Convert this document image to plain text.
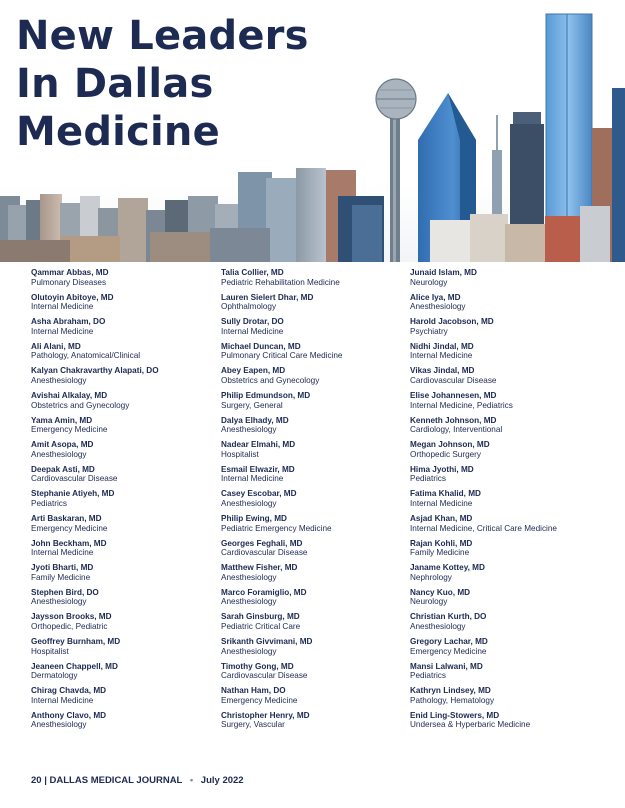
New Leaders
In Dallas
Medicine
Qammar Abbas, MD
Pulmonary Diseases
Olutoyin Abitoye, MD
Internal Medicine
Asha Abraham, DO
Internal Medicine
Ali Alani, MD
Pathology, Anatomical/Clinical
Kalyan Chakravarthy Alapati, DO
Anesthesiology
Avishai Alkalay, MD
Obstetrics and Gynecology
Yama Amin, MD
Emergency Medicine
Amit Asopa, MD
Anesthesiology
Deepak Asti, MD
Cardiovascular Disease
Stephanie Atiyeh, MD
Pediatrics
Arti Baskaran, MD
Emergency Medicine
John Beckham, MD
Internal Medicine
Jyoti Bharti, MD
Family Medicine
Stephen Bird, DO
Anesthesiology
Jaysson Brooks, MD
Orthopedic, Pediatric
Geoffrey Burnham, MD
Hospitalist
Jeaneen Chappell, MD
Dermatology
Chirag Chavda, MD
Internal Medicine
Anthony Clavo, MD
Anesthesiology
Talia Collier, MD
Pediatric Rehabilitation Medicine
Lauren Sielert Dhar, MD
Ophthalmology
Sully Drotar, DO
Internal Medicine
Michael Duncan, MD
Pulmonary Critical Care Medicine
Abey Eapen, MD
Obstetrics and Gynecology
Philip Edmundson, MD
Surgery, General
Dalya Elhady, MD
Anesthesiology
Nadear Elmahi, MD
Hospitalist
Esmail Elwazir, MD
Internal Medicine
Casey Escobar, MD
Anesthesiology
Philip Ewing, MD
Pediatric Emergency Medicine
Georges Feghali, MD
Cardiovascular Disease
Matthew Fisher, MD
Anesthesiology
Marco Foramiglio, MD
Anesthesiology
Sarah Ginsburg, MD
Pediatric Critical Care
Srikanth Givvimani, MD
Anesthesiology
Timothy Gong, MD
Cardiovascular Disease
Nathan Ham, DO
Emergency Medicine
Christopher Henry, MD
Surgery, Vascular
Junaid Islam, MD
Neurology
Alice Iya, MD
Anesthesiology
Harold Jacobson, MD
Psychiatry
Nidhi Jindal, MD
Internal Medicine
Vikas Jindal, MD
Cardiovascular Disease
Elise Johannesen, MD
Internal Medicine, Pediatrics
Kenneth Johnson, MD
Cardiology, Interventional
Megan Johnson, MD
Orthopedic Surgery
Hima Jyothi, MD
Pediatrics
Fatima Khalid, MD
Internal Medicine
Asjad Khan, MD
Internal Medicine, Critical Care Medicine
Rajan Kohli, MD
Family Medicine
Janame Kottey, MD
Nephrology
Nancy Kuo, MD
Neurology
Christian Kurth, DO
Anesthesiology
Gregory Lachar, MD
Emergency Medicine
Mansi Lalwani, MD
Pediatrics
Kathryn Lindsey, MD
Pathology, Hematology
Enid Ling-Stowers, MD
Undersea & Hyperbaric Medicine
20 | DALLAS MEDICAL JOURNAL • July 2022
